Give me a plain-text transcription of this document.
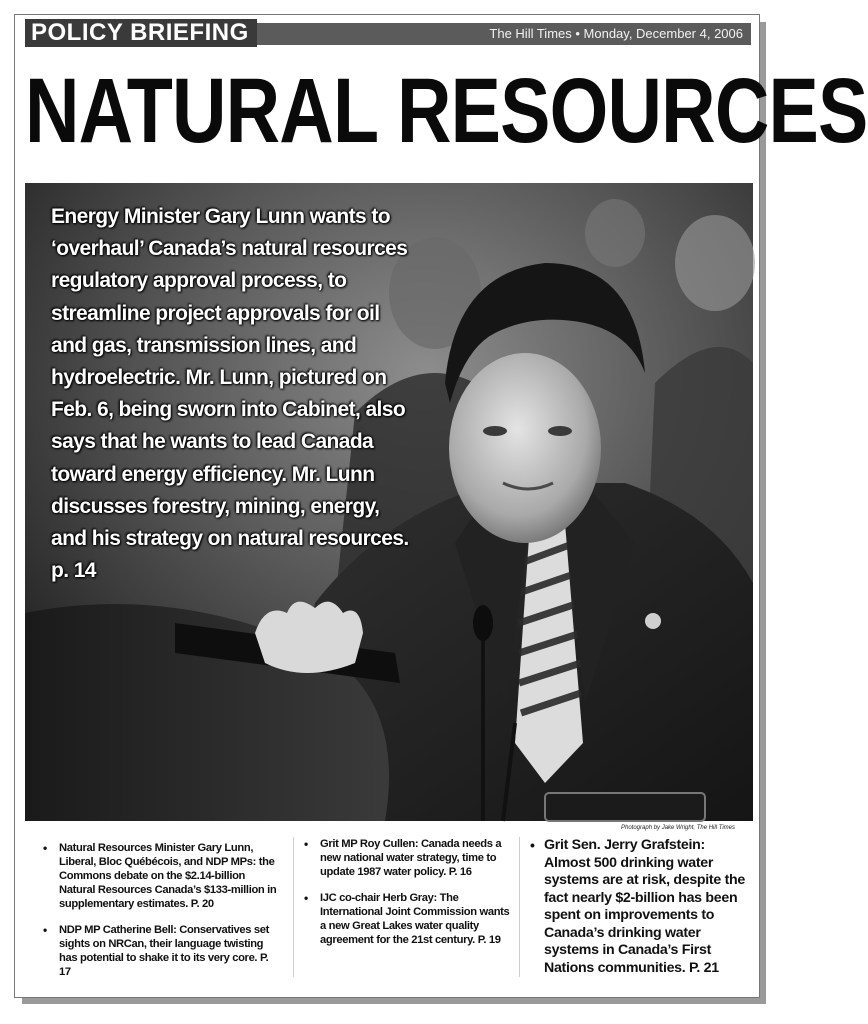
POLICY BRIEFING	The Hill Times • Monday, December 4, 2006
NATURAL RESOURCES
Energy Minister Gary Lunn wants to ‘overhaul’ Canada’s natural resources regulatory approval process, to streamline project approvals for oil and gas, transmission lines, and hydroelectric. Mr. Lunn, pictured on Feb. 6, being sworn into Cabinet, also says that he wants to lead Canada toward energy efficiency. Mr. Lunn discusses forestry, mining, energy, and his strategy on natural resources. p. 14
Photograph by Jake Wright, The Hill Times
• Natural Resources Minister Gary Lunn, Liberal, Bloc Québécois, and NDP MPs: the Commons debate on the $2.14-billion Natural Resources Canada’s $133-million in supplementary estimates. P. 20
• NDP MP Catherine Bell: Conservatives set sights on NRCan, their language twisting has potential to shake it to its very core. P. 17
• Grit MP Roy Cullen: Canada needs a new national water strategy, time to update 1987 water policy. P. 16
• IJC co-chair Herb Gray: The International Joint Commission wants a new Great Lakes water quality agreement for the 21st century. P. 19
• Grit Sen. Jerry Grafstein: Almost 500 drinking water systems are at risk, despite the fact nearly $2-billion has been spent on improvements to Canada’s drinking water systems in Canada’s First Nations communities. P. 21
